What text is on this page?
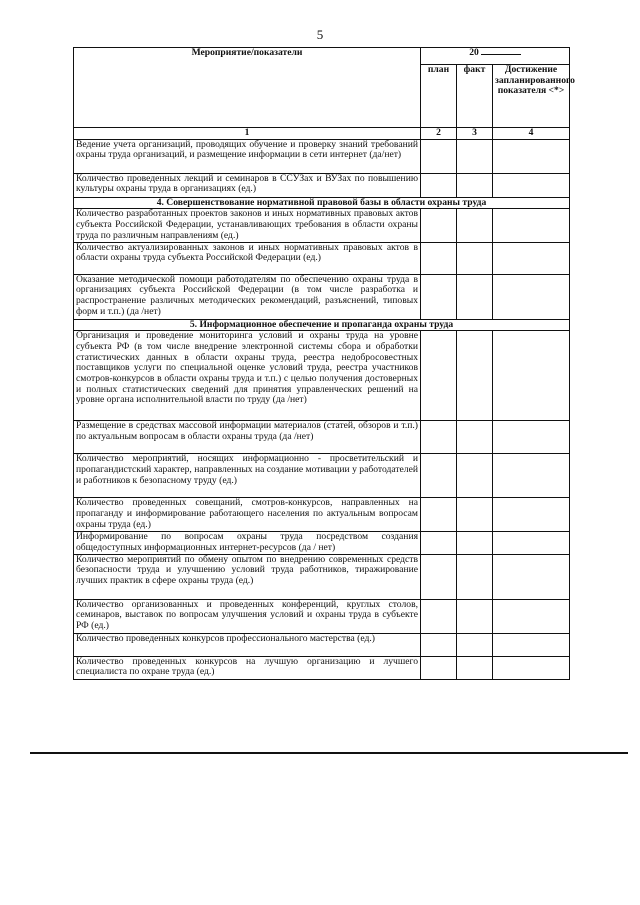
5
Мероприятие/показатели	20		
	план	факт	Достижение запланированного показателя <*>
1	2	3	4
Ведение учета организаций, проводящих обучение и проверку знаний требований охраны труда организаций, и размещение информации в сети интернет (да/нет)			
Количество проведенных лекций и семинаров в ССУЗах и ВУЗах по повышению культуры охраны труда в организациях (ед.)			
4. Совершенствование нормативной правовой базы в области охраны труда			
Количество разработанных проектов законов и иных нормативных правовых актов субъекта Российской Федерации, устанавливающих требования в области охраны труда по различным направлениям (ед.)			
Количество актуализированных законов и иных нормативных правовых актов в области охраны труда субъекта Российской Федерации (ед.)			
Оказание методической помощи работодателям по обеспечению охраны труда в организациях субъекта Российской Федерации (в том числе разработка и распространение различных методических рекомендаций, разъяснений, типовых форм и т.п.) (да /нет)			
5. Информационное обеспечение и пропаганда охраны труда			
Организация и проведение мониторинга условий и охраны труда на уровне субъекта РФ (в том числе внедрение электронной системы сбора и обработки статистических данных в области охраны труда, реестра недобросовестных поставщиков услуги по специальной оценке условий труда, реестра участников смотров-конкурсов в области охраны труда и т.п.) с целью получения достоверных и полных статистических сведений для принятия управленческих решений на уровне органа исполнительной власти по труду (да /нет)			
Размещение в средствах массовой информации материалов (статей, обзоров и т.п.) по актуальным вопросам в области охраны труда (да /нет)			
Количество мероприятий, носящих информационно - просветительский и пропагандистский характер, направленных на создание мотивации у работодателей и работников к безопасному труду (ед.)			
Количество проведенных совещаний, смотров-конкурсов, направленных на пропаганду и информирование работающего населения по актуальным вопросам охраны труда (ед.)			
Информирование по вопросам охраны труда посредством создания общедоступных информационных интернет-ресурсов (да / нет)			
Количество мероприятий по обмену опытом по внедрению современных средств безопасности труда и улучшению условий труда работников, тиражирование лучших практик в сфере охраны труда (ед.)			
Количество организованных и проведенных конференций, круглых столов, семинаров, выставок по вопросам улучшения условий и охраны труда в субъекте РФ (ед.)			
Количество проведенных конкурсов профессионального мастерства (ед.)			
Количество проведенных конкурсов на лучшую организацию и лучшего специалиста по охране труда (ед.)			
